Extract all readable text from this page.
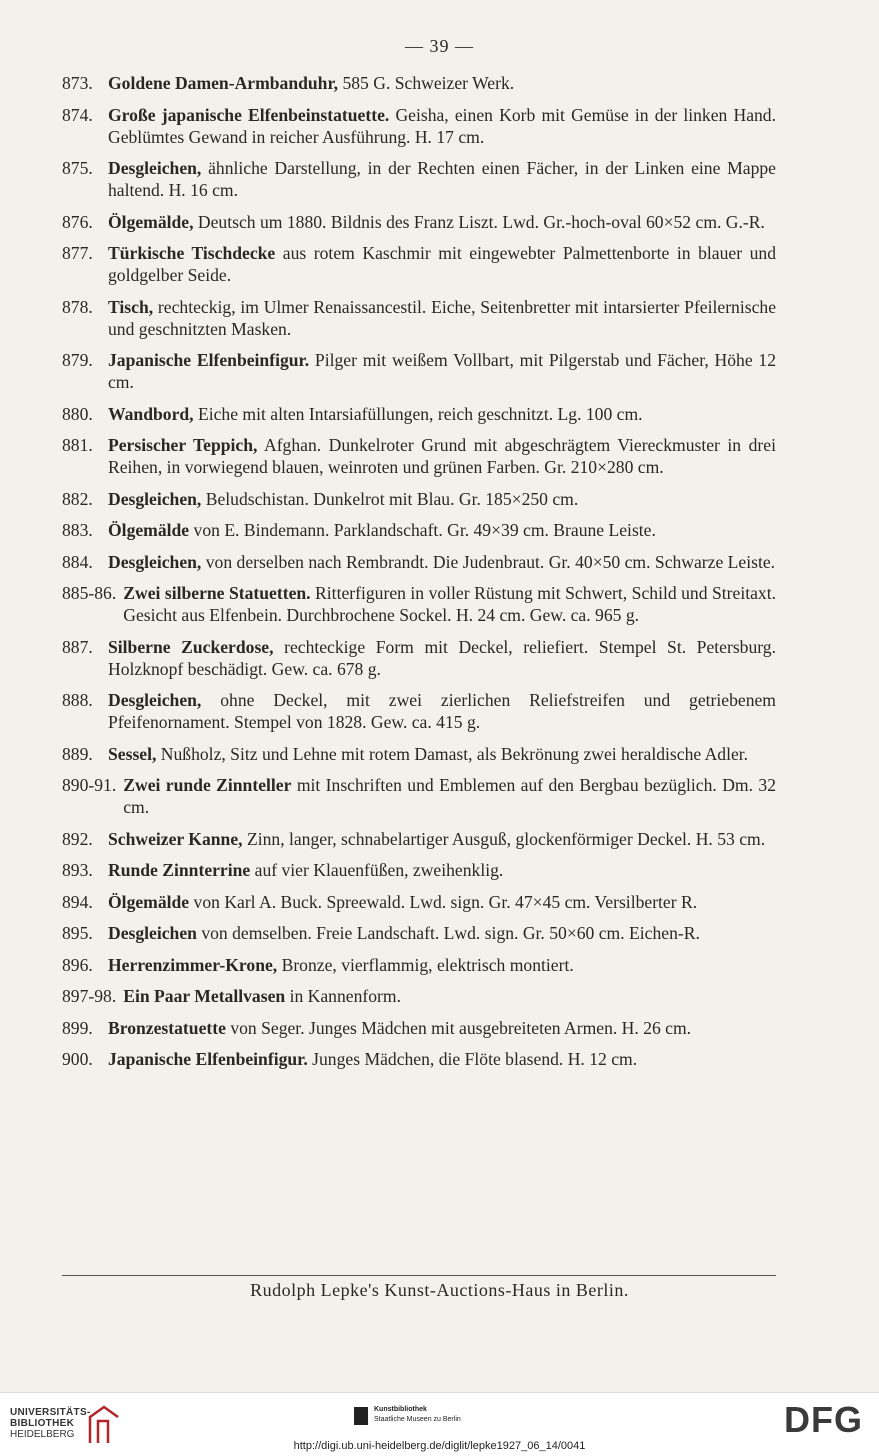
— 39 —
873. Goldene Damen-Armbanduhr, 585 G. Schweizer Werk.
874. Große japanische Elfenbeinstatuette. Geisha, einen Korb mit Gemüse in der linken Hand. Geblümtes Gewand in reicher Ausführung. H. 17 cm.
875. Desgleichen, ähnliche Darstellung, in der Rechten einen Fächer, in der Linken eine Mappe haltend. H. 16 cm.
876. Ölgemälde, Deutsch um 1880. Bildnis des Franz Liszt. Lwd. Gr.-hoch-oval 60×52 cm. G.-R.
877. Türkische Tischdecke aus rotem Kaschmir mit eingewebter Palmettenborte in blauer und goldgelber Seide.
878. Tisch, rechteckig, im Ulmer Renaissancestil. Eiche, Seitenbretter mit intarsierter Pfeilernische und geschnitzten Masken.
879. Japanische Elfenbeinfigur. Pilger mit weißem Vollbart, mit Pilgerstab und Fächer, Höhe 12 cm.
880. Wandbord, Eiche mit alten Intarsiafüllungen, reich geschnitzt. Lg. 100 cm.
881. Persischer Teppich, Afghan. Dunkelroter Grund mit abgeschrägtem Viereckmuster in drei Reihen, in vorwiegend blauen, weinroten und grünen Farben. Gr. 210×280 cm.
882. Desgleichen, Beludschistan. Dunkelrot mit Blau. Gr. 185×250 cm.
883. Ölgemälde von E. Bindemann. Parklandschaft. Gr. 49×39 cm. Braune Leiste.
884. Desgleichen, von derselben nach Rembrandt. Die Judenbraut. Gr. 40×50 cm. Schwarze Leiste.
885-86. Zwei silberne Statuetten. Ritterfiguren in voller Rüstung mit Schwert, Schild und Streitaxt. Gesicht aus Elfenbein. Durchbrochene Sockel. H. 24 cm. Gew. ca. 965 g.
887. Silberne Zuckerdose, rechteckige Form mit Deckel, reliefiert. Stempel St. Petersburg. Holzknopf beschädigt. Gew. ca. 678 g.
888. Desgleichen, ohne Deckel, mit zwei zierlichen Reliefstreifen und getriebenem Pfeifenornament. Stempel von 1828. Gew. ca. 415 g.
889. Sessel, Nußholz, Sitz und Lehne mit rotem Damast, als Bekrönung zwei heraldische Adler.
890-91. Zwei runde Zinnteller mit Inschriften und Emblemen auf den Bergbau bezüglich. Dm. 32 cm.
892. Schweizer Kanne, Zinn, langer, schnabelartiger Ausguß, glockenförmiger Deckel. H. 53 cm.
893. Runde Zinnterrine auf vier Klauenfüßen, zweihenklig.
894. Ölgemälde von Karl A. Buck. Spreewald. Lwd. sign. Gr. 47×45 cm. Versilberter R.
895. Desgleichen von demselben. Freie Landschaft. Lwd. sign. Gr. 50×60 cm. Eichen-R.
896. Herrenzimmer-Krone, Bronze, vierflammig, elektrisch montiert.
897-98. Ein Paar Metallvasen in Kannenform.
899. Bronzestatuette von Seger. Junges Mädchen mit ausgebreiteten Armen. H. 26 cm.
900. Japanische Elfenbeinfigur. Junges Mädchen, die Flöte blasend. H. 12 cm.
Rudolph Lepke's Kunst-Auctions-Haus in Berlin.
UNIVERSITÄTS-
BIBLIOTHEK
HEIDELBERG
Kunstbibliothek
Staatliche Museen zu Berlin	DFG
http://digi.ub.uni-heidelberg.de/diglit/lepke1927_06_14/0041
